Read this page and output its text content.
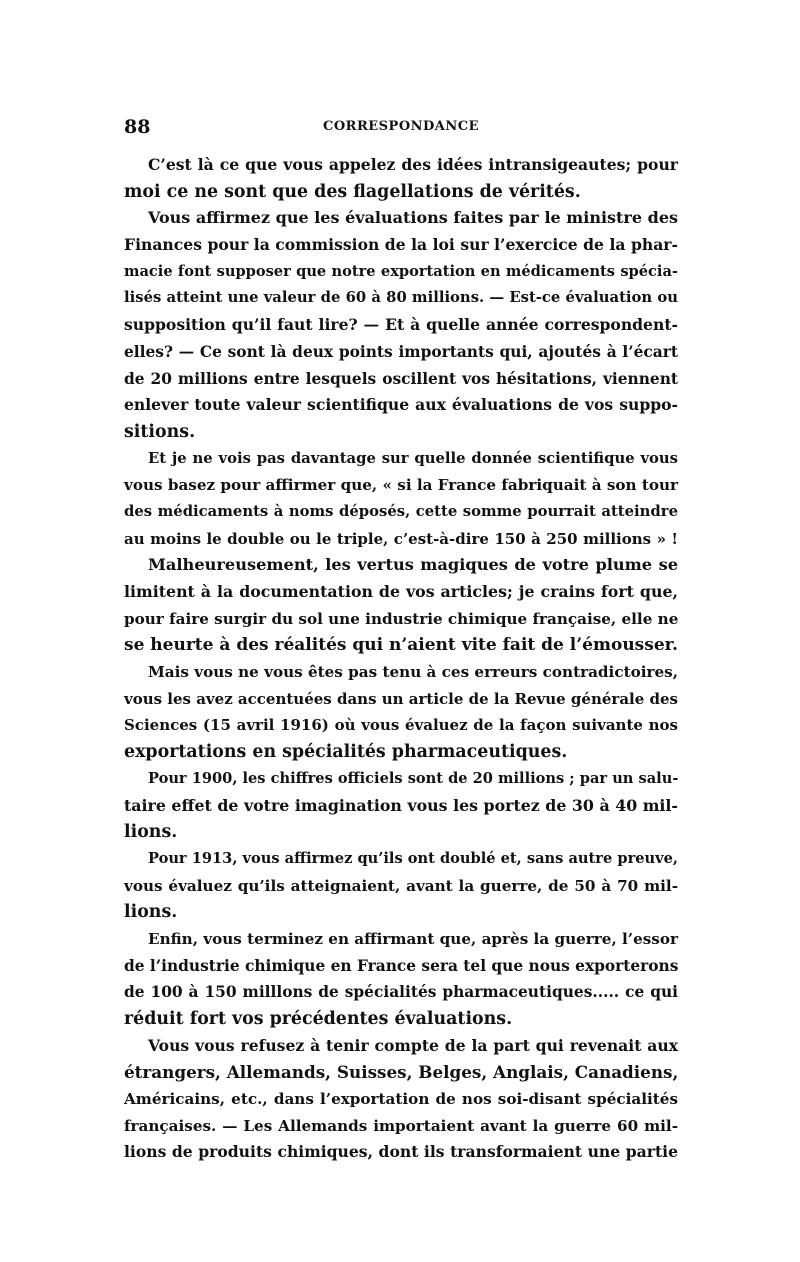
88	CORRESPONDANCE
C’est là ce que vous appelez des idées intransigeautes; pour
moi ce ne sont que des flagellations de vérités.
Vous affirmez que les évaluations faites par le ministre des
Finances pour la commission de la loi sur l’exercice de la phar-
macie font supposer que notre exportation en médicaments spécia-
lisés atteint une valeur de 60 à 80 millions. — Est-ce évaluation ou
supposition qu’il faut lire? — Et à quelle année correspondent-
elles? — Ce sont là deux points importants qui, ajoutés à l’écart
de 20 millions entre lesquels oscillent vos hésitations, viennent
enlever toute valeur scientifique aux évaluations de vos suppo-
sitions.
Et je ne vois pas davantage sur quelle donnée scientifique vous
vous basez pour affirmer que, « si la France fabriquait à son tour
des médicaments à noms déposés, cette somme pourrait atteindre
au moins le double ou le triple, c’est-à-dire 150 à 250 millions » !
Malheureusement, les vertus magiques de votre plume se
limitent à la documentation de vos articles; je crains fort que,
pour faire surgir du sol une industrie chimique française, elle ne
se heurte à des réalités qui n’aient vite fait de l’émousser.
Mais vous ne vous êtes pas tenu à ces erreurs contradictoires,
vous les avez accentuées dans un article de la Revue générale des
Sciences (15 avril 1916) où vous évaluez de la façon suivante nos
exportations en spécialités pharmaceutiques.
Pour 1900, les chiffres officiels sont de 20 millions ; par un salu-
taire effet de votre imagination vous les portez de 30 à 40 mil-
lions.
Pour 1913, vous affirmez qu’ils ont doublé et, sans autre preuve,
vous évaluez qu’ils atteignaient, avant la guerre, de 50 à 70 mil-
lions.
Enfin, vous terminez en affirmant que, après la guerre, l’essor
de l’industrie chimique en France sera tel que nous exporterons
de 100 à 150 milllons de spécialités pharmaceutiques..... ce qui
réduit fort vos précédentes évaluations.
Vous vous refusez à tenir compte de la part qui revenait aux
étrangers, Allemands, Suisses, Belges, Anglais, Canadiens,
Américains, etc., dans l’exportation de nos soi-disant spécialités
françaises. — Les Allemands importaient avant la guerre 60 mil-
lions de produits chimiques, dont ils transformaient une partie
